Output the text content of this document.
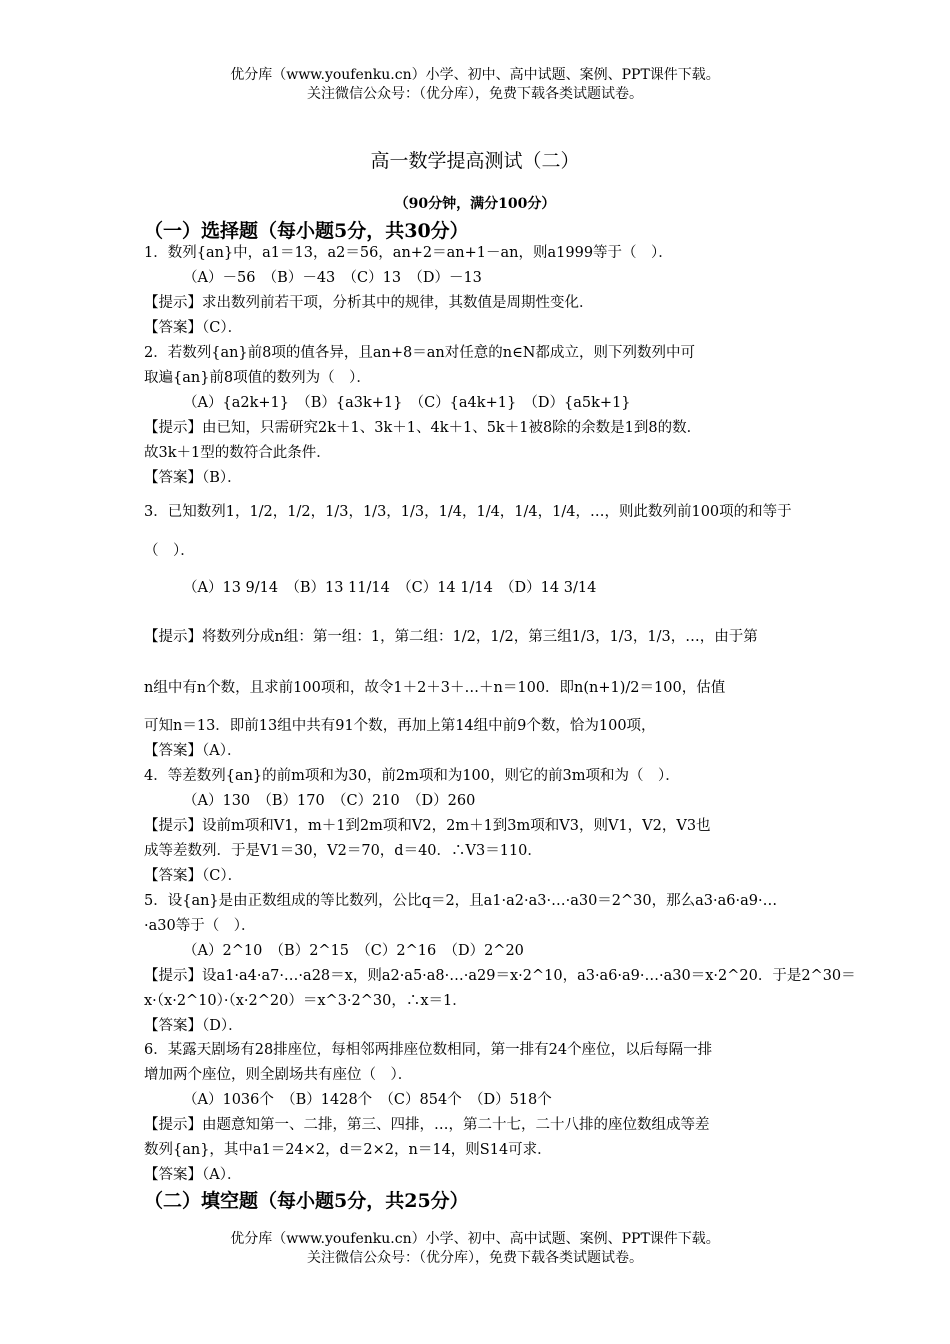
优分库（www.youfenku.cn）小学、初中、高中试题、案例、PPT课件下载。
关注微信公众号：（优分库），免费下载各类试题试卷。
高一数学提高测试（二）
（90分钟，满分100分）
（一）选择题（每小题5分，共30分）
1．数列{an}中，a1＝13，a2＝56，an+2＝an+1－an，则a1999等于（　）．
（A）－56　（B）－43　（C）13　（D）－13
【提示】求出数列前若干项，分析其中的规律，其数值是周期性变化．
【答案】（C）．
2．若数列{an}前8项的值各异，且an+8＝an对任意的n∈N都成立，则下列数列中可
取遍{an}前8项值的数列为（　）．
（A）{a2k+1}　（B）{a3k+1}　（C）{a4k+1}　（D）{a5k+1}
【提示】由已知，只需研究2k＋1、3k＋1、4k＋1、5k＋1被8除的余数是1到8的数．
故3k＋1型的数符合此条件．
【答案】（B）．
3．已知数列1，1/2，1/2，1/3，1/3，1/3，1/4，1/4，1/4，1/4，…，则此数列前100项的和等于
（　）．
（A）13 9/14　（B）13 11/14　（C）14 1/14　（D）14 3/14
【提示】将数列分成n组：第一组：1，第二组：1/2，1/2，第三组1/3，1/3，1/3，…，由于第
n组中有n个数，且求前100项和，故令1＋2＋3＋…＋n＝100．即n(n+1)/2＝100，估值
可知n＝13．即前13组中共有91个数，再加上第14组中前9个数，恰为100项，
【答案】（A）．
4．等差数列{an}的前m项和为30，前2m项和为100，则它的前3m项和为（　）．
（A）130　（B）170　（C）210　（D）260
【提示】设前m项和V1，m＋1到2m项和V2，2m＋1到3m项和V3，则V1，V2，V3也
成等差数列．于是V1＝30，V2＝70，d＝40．∴V3＝110．
【答案】（C）．
5．设{an}是由正数组成的等比数列，公比q＝2，且a1·a2·a3·…·a30＝2^30，那么a3·a6·a9·…
·a30等于（　）．
（A）2^10　（B）2^15　（C）2^16　（D）2^20
【提示】设a1·a4·a7·…·a28＝x，则a2·a5·a8·…·a29＝x·2^10，a3·a6·a9·…·a30＝x·2^20．于是2^30＝
x·（x·2^10）·（x·2^20）＝x^3·2^30，∴x＝1．
【答案】（D）．
6．某露天剧场有28排座位，每相邻两排座位数相同，第一排有24个座位，以后每隔一排
增加两个座位，则全剧场共有座位（　）．
（A）1036个　（B）1428个　（C）854个　（D）518个
【提示】由题意知第一、二排，第三、四排，…，第二十七，二十八排的座位数组成等差
数列{an}，其中a1＝24×2，d＝2×2，n＝14，则S14可求．
【答案】（A）．
（二）填空题（每小题5分，共25分）
优分库（www.youfenku.cn）小学、初中、高中试题、案例、PPT课件下载。
关注微信公众号：（优分库），免费下载各类试题试卷。
